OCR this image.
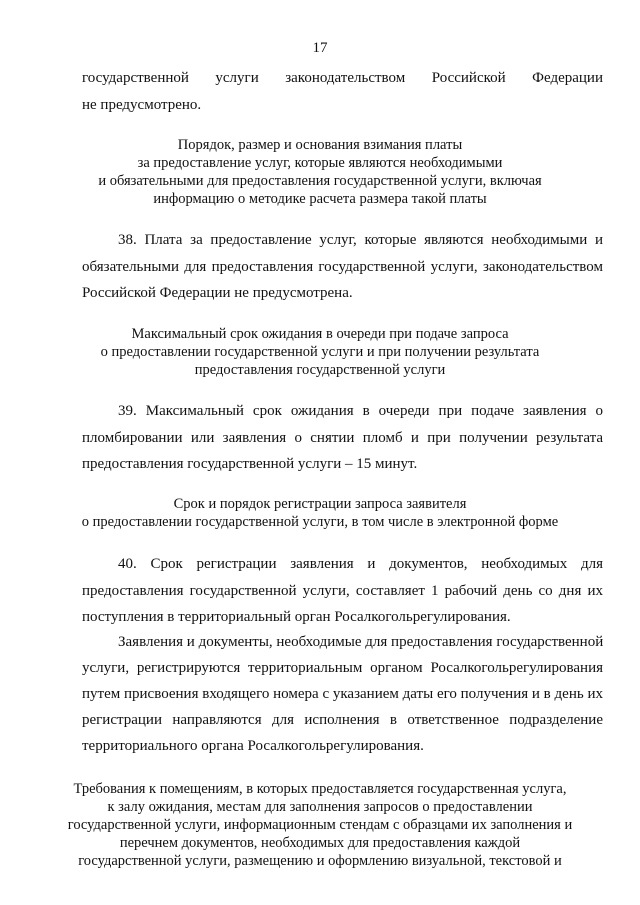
17
государственной услуги законодательством Российской Федерации
не предусмотрено.
Порядок, размер и основания взимания платы
за предоставление услуг, которые являются необходимыми
и обязательными для предоставления государственной услуги, включая
информацию о методике расчета размера такой платы
38. Плата за предоставление услуг, которые являются необходимыми и
обязательными для предоставления государственной услуги, законодательством
Российской Федерации не предусмотрена.
Максимальный срок ожидания в очереди при подаче запроса
о предоставлении государственной услуги и при получении результата
предоставления государственной услуги
39. Максимальный срок ожидания в очереди при подаче заявления о
пломбировании или заявления о снятии пломб и при получении результата
предоставления государственной услуги – 15 минут.
Срок и порядок регистрации запроса заявителя
о предоставлении государственной услуги, в том числе в электронной форме
40. Срок регистрации заявления и документов, необходимых для
предоставления государственной услуги, составляет 1 рабочий день со дня их
поступления в территориальный орган Росалкогольрегулирования.
Заявления и документы, необходимые для предоставления государственной
услуги, регистрируются территориальным органом Росалкогольрегулирования
путем присвоения входящего номера с указанием даты его получения и в день их
регистрации направляются для исполнения в ответственное подразделение
территориального органа Росалкогольрегулирования.
Требования к помещениям, в которых предоставляется государственная услуга,
к залу ожидания, местам для заполнения запросов о предоставлении
государственной услуги, информационным стендам с образцами их заполнения и
перечнем документов, необходимых для предоставления каждой
государственной услуги, размещению и оформлению визуальной, текстовой и
